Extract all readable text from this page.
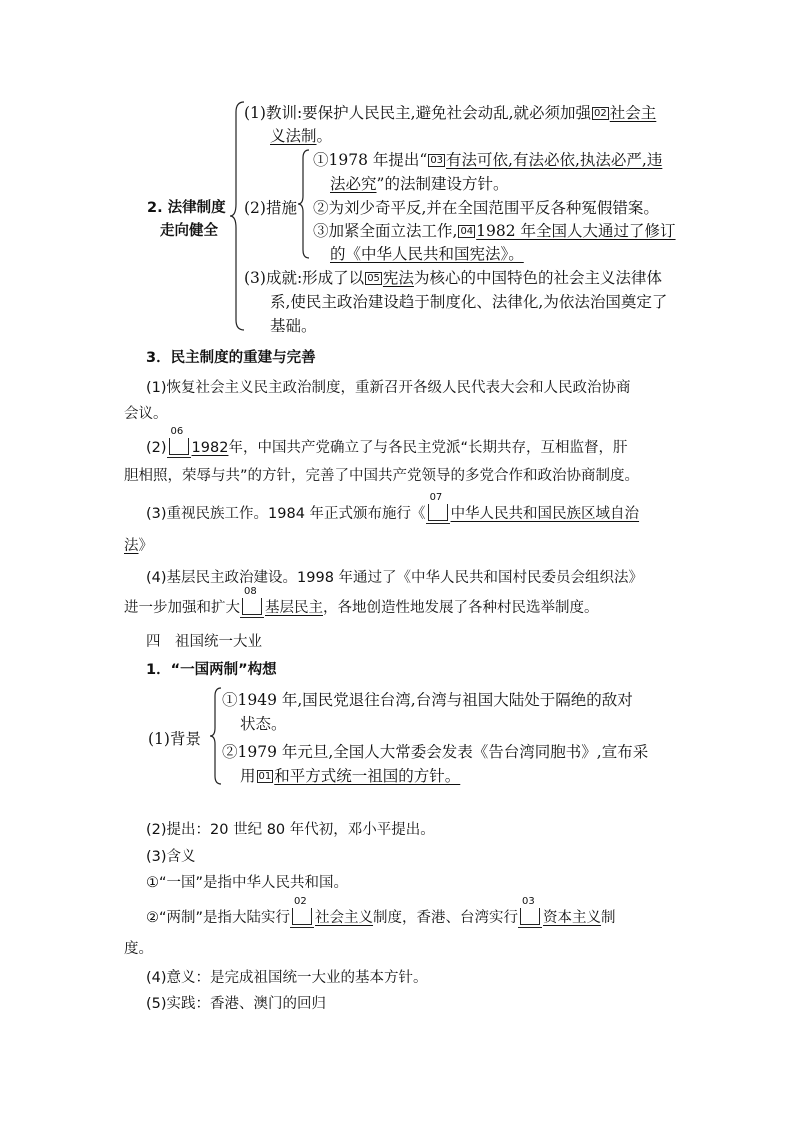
2. 法律制度
走向健全
(1)教训:要保护人民民主,避免社会动乱,就必须加强 02 社会主
义法制。
(2)措施
①1978 年提出“ 03 有法可依,有法必依,执法必严,违
法必究”的法制建设方针。
②为刘少奇平反,并在全国范围平反各种冤假错案。
③加紧全面立法工作, 04 1982 年全国人大通过了修订
的《中华人民共和国宪法》。
(3)成就:形成了以 05 宪法为核心的中国特色的社会主义法律体
系,使民主政治建设趋于制度化、法律化,为依法治国奠定了
基础。
3．民主制度的重建与完善
(1)恢复社会主义民主政治制度，重新召开各级人民代表大会和人民政治协商
会议。
(2)
06
1982年，中国共产党确立了与各民主党派“长期共存，互相监督，肝
胆相照，荣辱与共”的方针，完善了中国共产党领导的多党合作和政治协商制度。
(3)重视民族工作。1984 年正式颁布施行《
07
中华人民共和国民族区域自治
法》
(4)基层民主政治建设。1998 年通过了《中华人民共和国村民委员会组织法》
进一步加强和扩大
08
基层民主，各地创造性地发展了各种村民选举制度。
四　祖国统一大业
1．“一国两制”构想
(1)背景
①1949 年,国民党退往台湾,台湾与祖国大陆处于隔绝的敌对
状态。
②1979 年元旦,全国人大常委会发表《告台湾同胞书》,宣布采
用 01 和平方式统一祖国的方针。
(2)提出：20 世纪 80 年代初，邓小平提出。
(3)含义
①“一国”是指中华人民共和国。
②“两制”是指大陆实行
02
社会主义制度，香港、台湾实行
03
资本主义制
度。
(4)意义：是完成祖国统一大业的基本方针。
(5)实践：香港、澳门的回归
